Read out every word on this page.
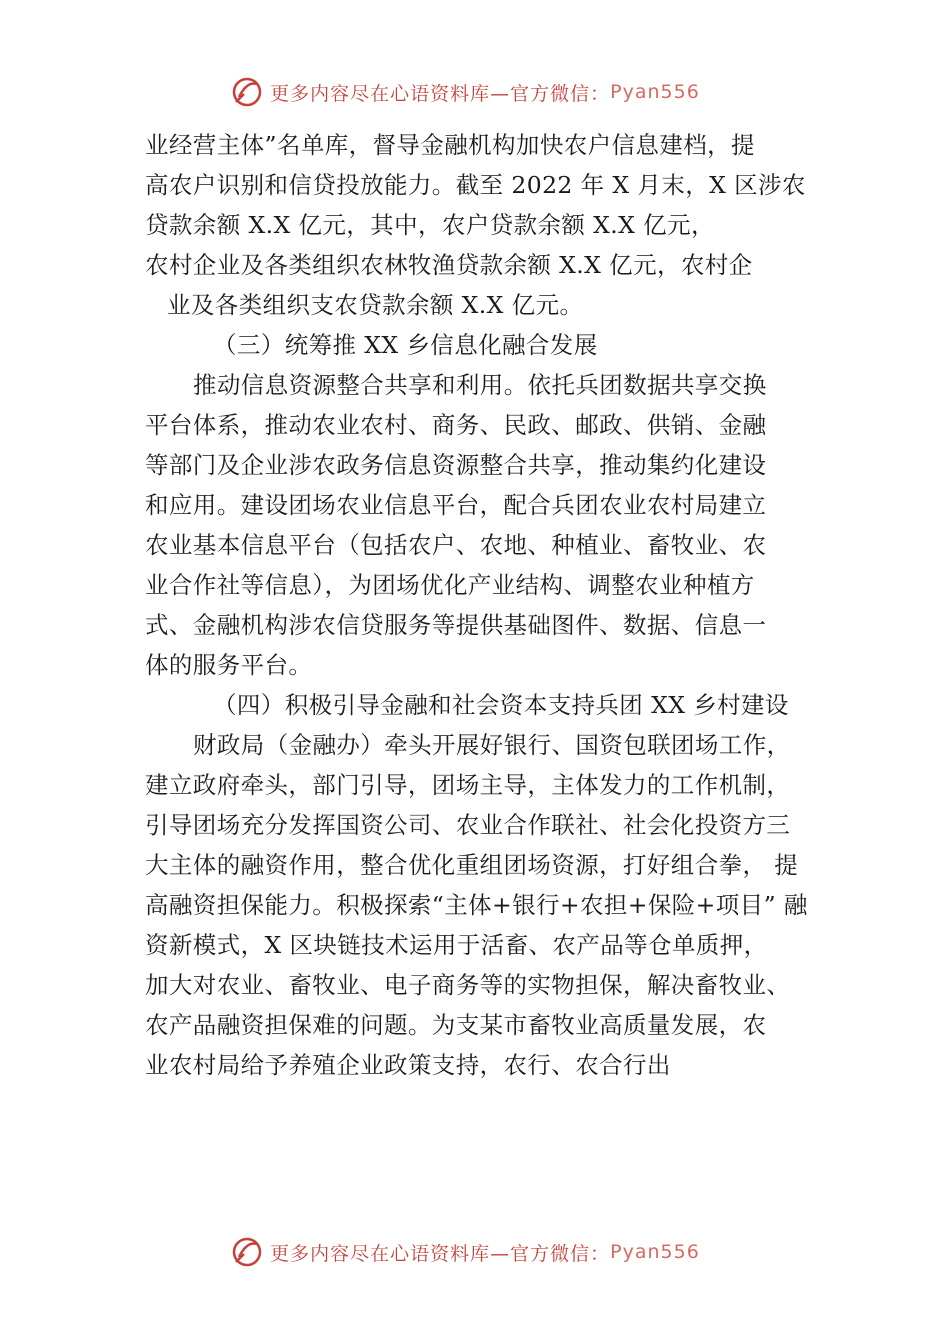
更多内容尽在心语资料库—官方微信： Pyan556
业经营主体”名单库，督导金融机构加快农户信息建档，提
高农户识别和信贷投放能力。截至 2022 年 X 月末，X 区涉农
贷款余额 X.X 亿元，其中，农户贷款余额 X.X 亿元，
农村企业及各类组织农林牧渔贷款余额 X.X 亿元，农村企
业及各类组织支农贷款余额 X.X 亿元。
（三）统筹推 XX 乡信息化融合发展
推动信息资源整合共享和利用。依托兵团数据共享交换
平台体系，推动农业农村、商务、民政、邮政、供销、金融
等部门及企业涉农政务信息资源整合共享，推动集约化建设
和应用。建设团场农业信息平台，配合兵团农业农村局建立
农业基本信息平台（包括农户、农地、种植业、畜牧业、农
业合作社等信息），为团场优化产业结构、调整农业种植方
式、金融机构涉农信贷服务等提供基础图件、数据、信息一
体的服务平台。
（四）积极引导金融和社会资本支持兵团 XX 乡村建设
财政局（金融办）牵头开展好银行、国资包联团场工作，
建立政府牵头，部门引导，团场主导，主体发力的工作机制，
引导团场充分发挥国资公司、农业合作联社、社会化投资方三
大主体的融资作用，整合优化重组团场资源，打好组合拳， 提
高融资担保能力。积极探索“主体+银行+农担+保险+项目” 融
资新模式，X 区块链技术运用于活畜、农产品等仓单质押，
加大对农业、畜牧业、电子商务等的实物担保，解决畜牧业、
农产品融资担保难的问题。为支某市畜牧业高质量发展，农
业农村局给予养殖企业政策支持，农行、农合行出
更多内容尽在心语资料库—官方微信： Pyan556
